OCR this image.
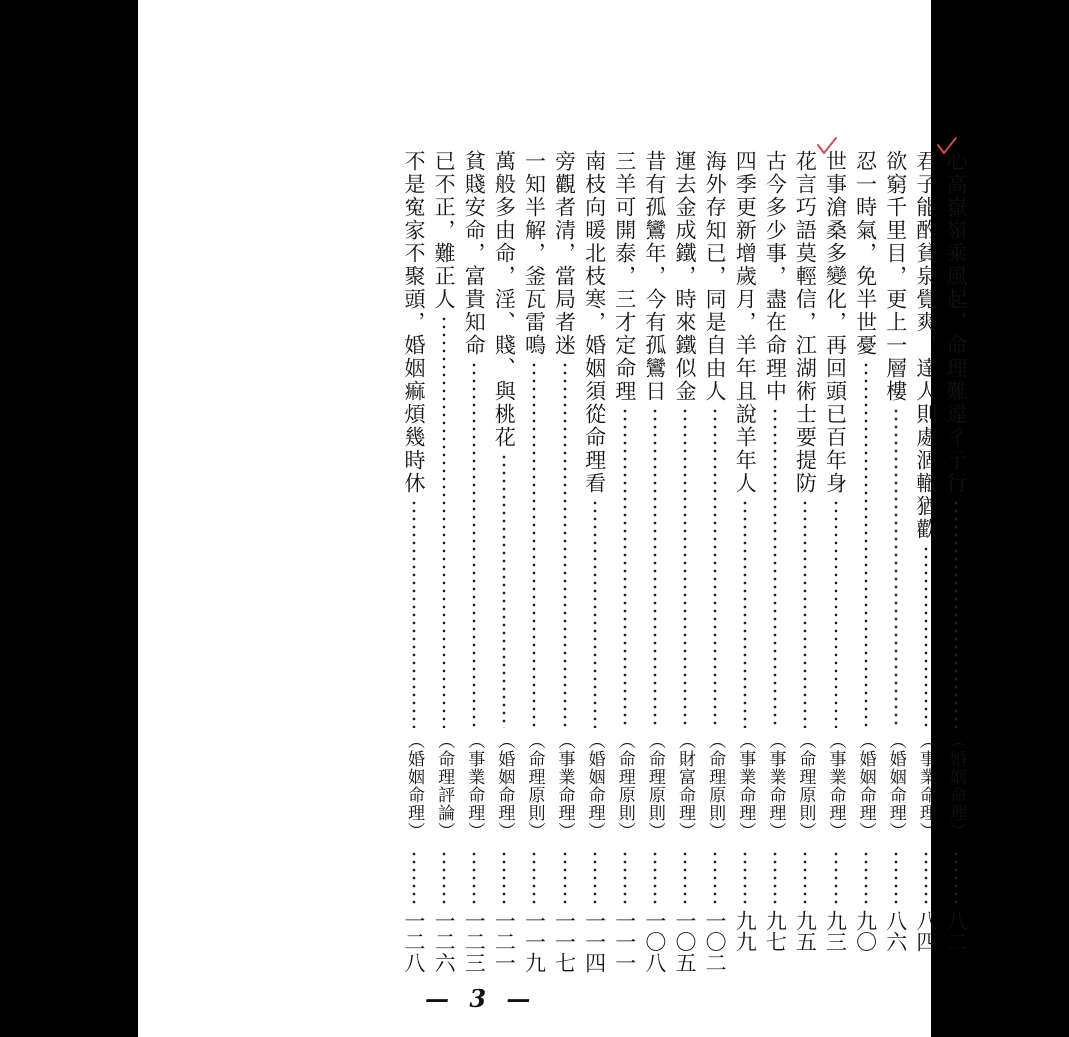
心高嶽嶺乘風起，命理難違彳亍行
（婚姻命理）
八二
君子能酌貧泉覺爽，達人則處涸轍猶歡
（事業命理）
八四
欲窮千里目，更上一層樓
（婚姻命理）
八六
忍一時氣，免半世憂
（婚姻命理）
九〇
世事滄桑多變化，再回頭已百年身
（事業命理）
九三
花言巧語莫輕信，江湖術士要提防
（命理原則）
九五
古今多少事，盡在命理中
（事業命理）
九七
四季更新增歲月，羊年且說羊年人
（事業命理）
九九
海外存知已，同是自由人
（命理原則）
一〇二
運去金成鐵，時來鐵似金
（財富命理）
一〇五
昔有孤鸞年，今有孤鸞日
（命理原則）
一〇八
三羊可開泰，三才定命理
（命理原則）
一一一
南枝向暖北枝寒，婚姻須從命理看
（婚姻命理）
一一四
旁觀者清，當局者迷
（事業命理）
一一七
一知半解，釜瓦雷鳴
（命理原則）
一一九
萬般多由命，淫、賤、與桃花
（婚姻命理）
一二一
貧賤安命，富貴知命
（事業命理）
一二三
已不正，難正人
（命理評論）
一二六
不是寃家不聚頭，婚姻痲煩幾時休
（婚姻命理）
一二八
— 3 —
